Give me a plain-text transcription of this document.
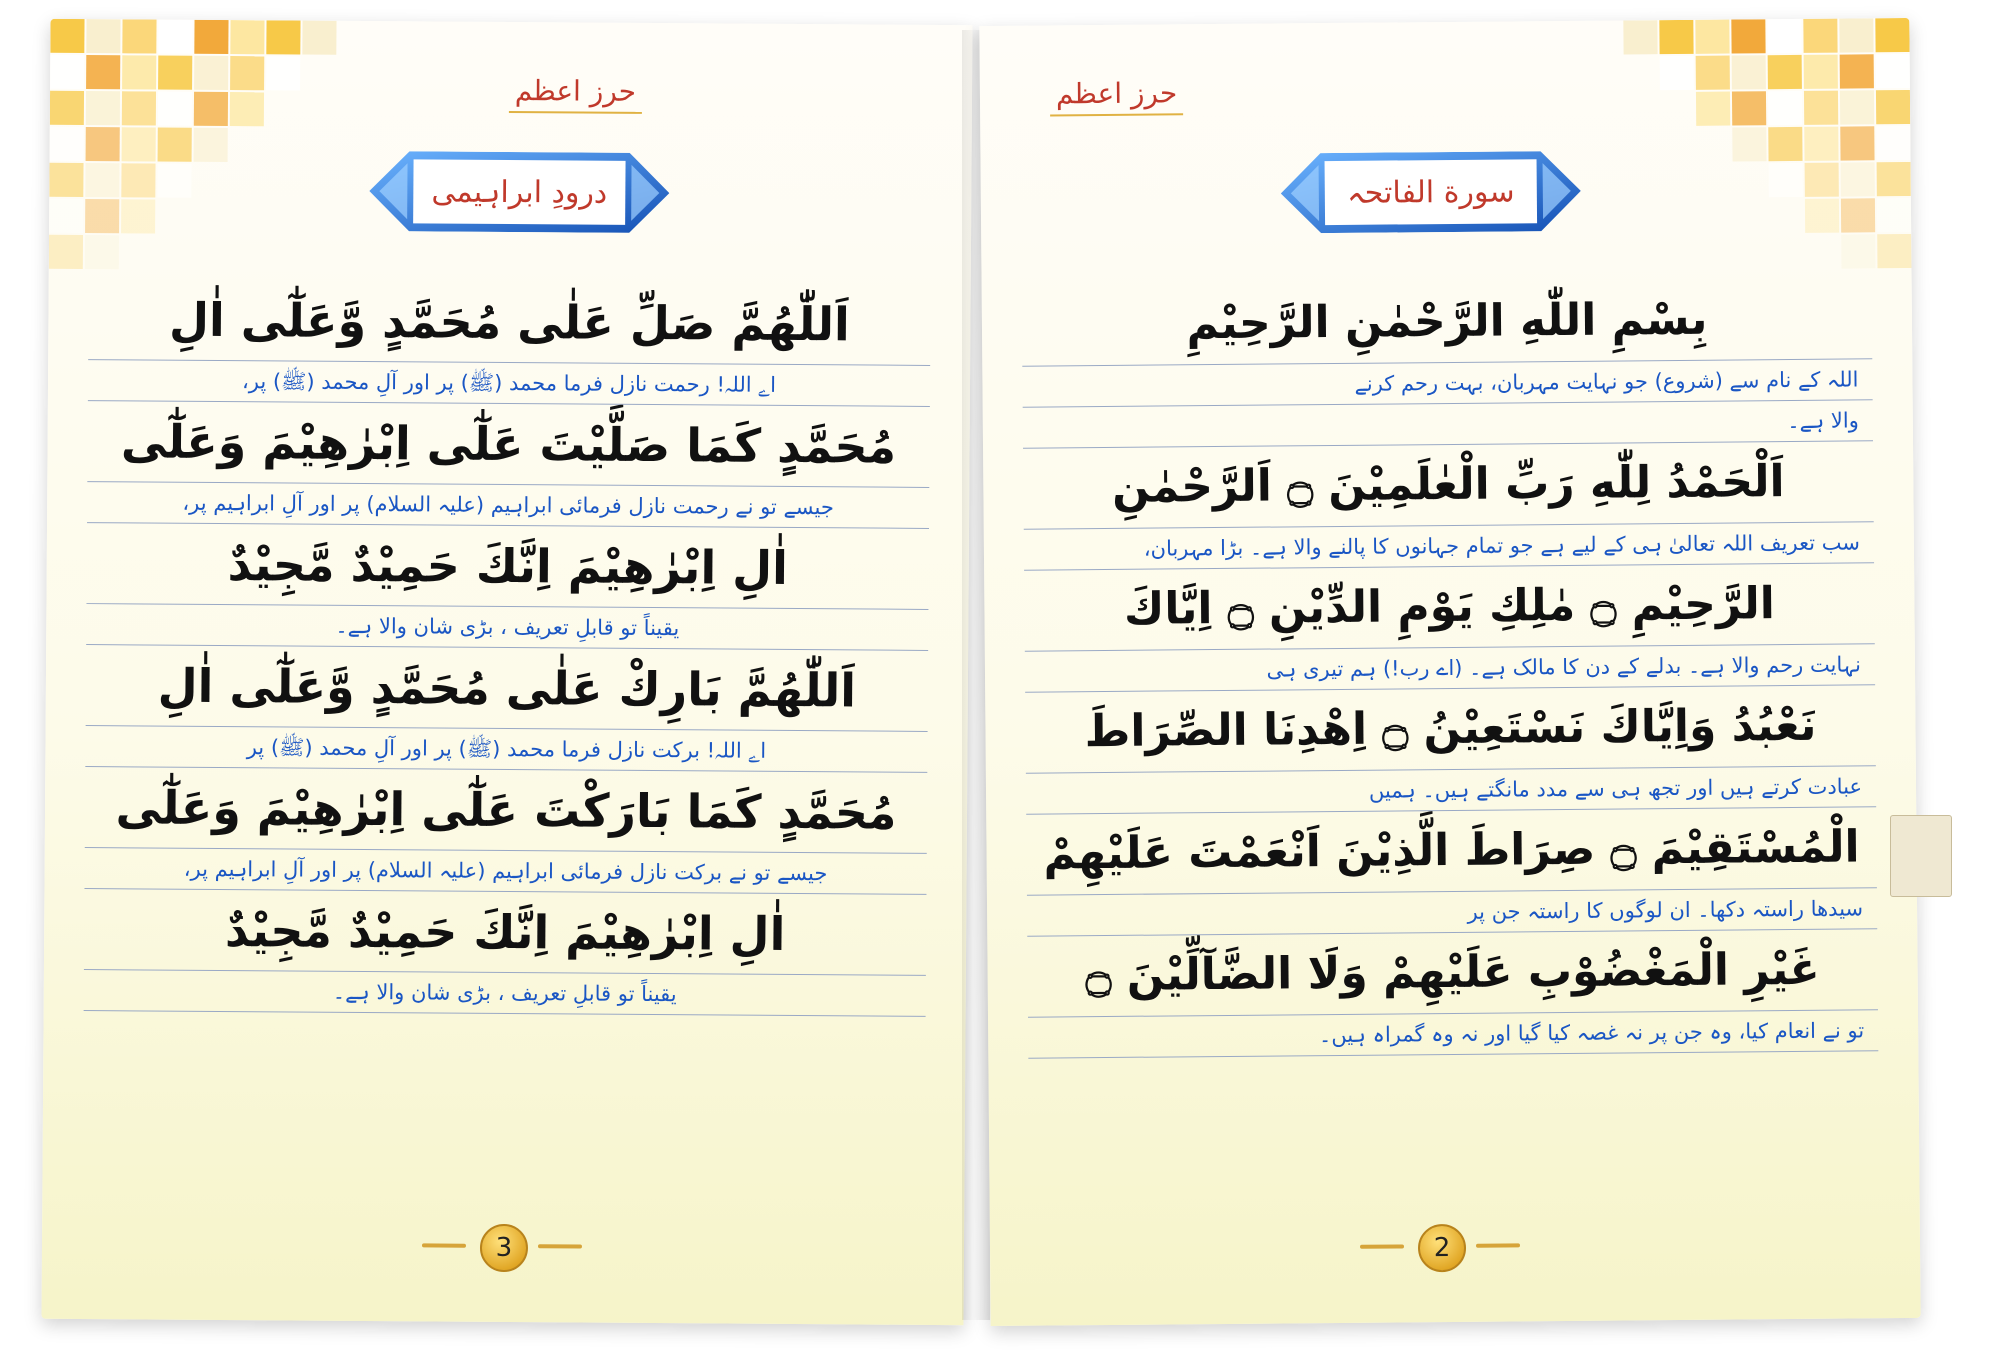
حرز اعظم
درودِ ابراہیمی
اَللّٰهُمَّ صَلِّ عَلٰى مُحَمَّدٍ وَّعَلٰٓى اٰلِ
اے اللہ! رحمت نازل فرما محمد (ﷺ) پر اور آلِ محمد (ﷺ) پر،
مُحَمَّدٍ كَمَا صَلَّيْتَ عَلٰٓى اِبْرٰهِيْمَ وَعَلٰٓى
جیسے تو نے رحمت نازل فرمائی ابراہیم (علیہ السلام) پر اور آلِ ابراہیم پر،
اٰلِ اِبْرٰهِيْمَ اِنَّكَ حَمِيْدٌ مَّجِيْدٌ
یقیناً تو قابلِ تعریف ، بڑی شان والا ہے۔
اَللّٰهُمَّ بَارِكْ عَلٰى مُحَمَّدٍ وَّعَلٰٓى اٰلِ
اے اللہ! برکت نازل فرما محمد (ﷺ) پر اور آلِ محمد (ﷺ) پر
مُحَمَّدٍ كَمَا بَارَكْتَ عَلٰٓى اِبْرٰهِيْمَ وَعَلٰٓى
جیسے تو نے برکت نازل فرمائی ابراہیم (علیہ السلام) پر اور آلِ ابراہیم پر،
اٰلِ اِبْرٰهِيْمَ اِنَّكَ حَمِيْدٌ مَّجِيْدٌ
یقیناً تو قابلِ تعریف ، بڑی شان والا ہے۔
3
حرز اعظم
سورة الفاتحہ
بِسْمِ اللّٰهِ الرَّحْمٰنِ الرَّحِيْمِ
اللہ کے نام سے (شروع) جو نہایت مہربان، بہت رحم کرنے
والا ہے۔
اَلْحَمْدُ لِلّٰهِ رَبِّ الْعٰلَمِيْنَ ۝ اَلرَّحْمٰنِ
سب تعریف اللہ تعالیٰ ہی کے لیے ہے جو تمام جہانوں کا پالنے والا ہے۔ بڑا مہربان،
الرَّحِيْمِ ۝ مٰلِكِ يَوْمِ الدِّيْنِ ۝ اِيَّاكَ
نہایت رحم والا ہے۔ بدلے کے دن کا مالک ہے۔ (اے رب!) ہم تیری ہی
نَعْبُدُ وَاِيَّاكَ نَسْتَعِيْنُ ۝ اِهْدِنَا الصِّرَاطَ
عبادت کرتے ہیں اور تجھ ہی سے مدد مانگتے ہیں۔ ہمیں
الْمُسْتَقِيْمَ ۝ صِرَاطَ الَّذِيْنَ اَنْعَمْتَ عَلَيْهِمْ
سیدھا راستہ دکھا۔ ان لوگوں کا راستہ جن پر
غَيْرِ الْمَغْضُوْبِ عَلَيْهِمْ وَلَا الضَّآلِّيْنَ ۝
تو نے انعام کیا، وہ جن پر نہ غصہ کیا گیا اور نہ وہ گمراہ ہیں۔
2
